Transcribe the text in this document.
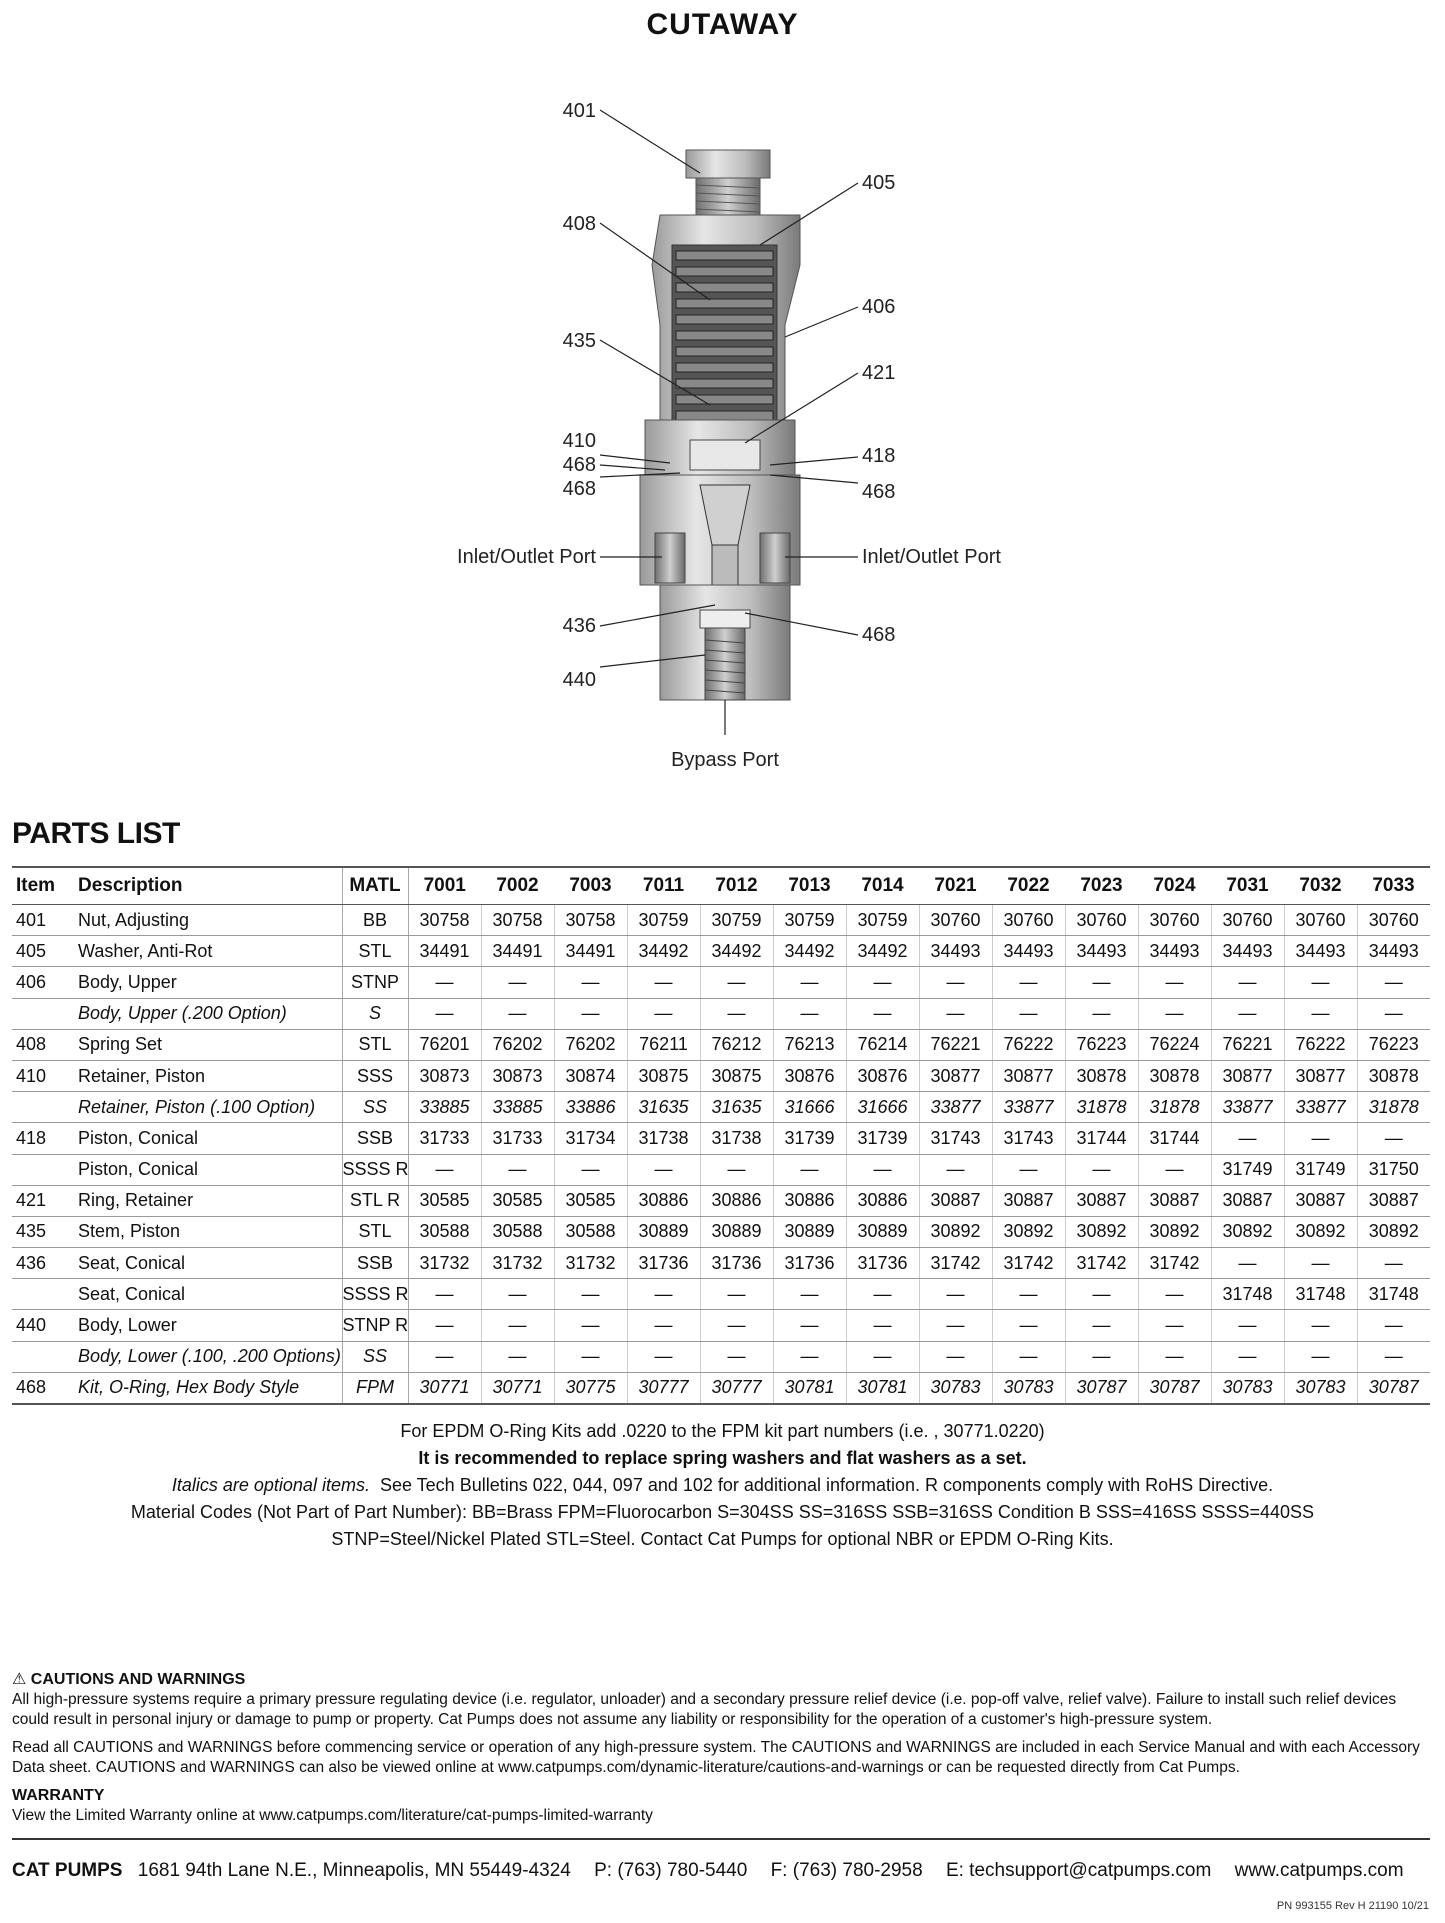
CUTAWAY
401
405
408
406
435
421
410
468
468
418
468
Inlet/Outlet Port	Inlet/Outlet Port
436	468
440
Bypass Port
PARTS LIST
Item	Description	MATL	7001	7002	7003	7011	7012	7013	7014	7021	7022	7023	7024	7031	7032	7033
401	Nut, Adjusting	BB	30758	30758	30758	30759	30759	30759	30759	30760	30760	30760	30760	30760	30760	30760
405	Washer, Anti-Rot	STL	34491	34491	34491	34492	34492	34492	34492	34493	34493	34493	34493	34493	34493	34493
406	Body, Upper	STNP	—	—	—	—	—	—	—	—	—	—	—	—	—	—
	Body, Upper (.200 Option)	S	—	—	—	—	—	—	—	—	—	—	—	—	—	—
408	Spring Set	STL	76201	76202	76202	76211	76212	76213	76214	76221	76222	76223	76224	76221	76222	76223
410	Retainer, Piston	SSS	30873	30873	30874	30875	30875	30876	30876	30877	30877	30878	30878	30877	30877	30878
	Retainer, Piston (.100 Option)	SS	33885	33885	33886	31635	31635	31666	31666	33877	33877	31878	31878	33877	33877	31878
418	Piston, Conical	SSB	31733	31733	31734	31738	31738	31739	31739	31743	31743	31744	31744	—	—	—
	Piston, Conical	SSSS R	—	—	—	—	—	—	—	—	—	—	—	31749	31749	31750
421	Ring, Retainer	STL R	30585	30585	30585	30886	30886	30886	30886	30887	30887	30887	30887	30887	30887	30887
435	Stem, Piston	STL	30588	30588	30588	30889	30889	30889	30889	30892	30892	30892	30892	30892	30892	30892
436	Seat, Conical	SSB	31732	31732	31732	31736	31736	31736	31736	31742	31742	31742	31742	—	—	—
	Seat, Conical	SSSS R	—	—	—	—	—	—	—	—	—	—	—	31748	31748	31748
440	Body, Lower	STNP R	—	—	—	—	—	—	—	—	—	—	—	—	—	—
	Body, Lower (.100, .200 Options)	SS	—	—	—	—	—	—	—	—	—	—	—	—	—	—
468	Kit, O-Ring, Hex Body Style	FPM	30771	30771	30775	30777	30777	30781	30781	30783	30783	30787	30787	30783	30783	30787
For EPDM O-Ring Kits add .0220 to the FPM kit part numbers (i.e. , 30771.0220)
It is recommended to replace spring washers and flat washers as a set.
Italics are optional items. See Tech Bulletins 022, 044, 097 and 102 for additional information. R components comply with RoHS Directive.
Material Codes (Not Part of Part Number): BB=Brass FPM=Fluorocarbon S=304SS SS=316SS SSB=316SS Condition B SSS=416SS SSSS=440SS
STNP=Steel/Nickel Plated STL=Steel. Contact Cat Pumps for optional NBR or EPDM O-Ring Kits.
⚠ CAUTIONS AND WARNINGS

All high-pressure systems require a primary pressure regulating device (i.e. regulator, unloader) and a secondary pressure relief device (i.e. pop-off valve, relief valve). Failure to install such relief devices could result in personal injury or damage to pump or property. Cat Pumps does not assume any liability or responsibility for the operation of a customer's high-pressure system.

Read all CAUTIONS and WARNINGS before commencing service or operation of any high-pressure system. The CAUTIONS and WARNINGS are included in each Service Manual and with each Accessory Data sheet. CAUTIONS and WARNINGS can also be viewed online at www.catpumps.com/dynamic-literature/cautions-and-warnings or can be requested directly from Cat Pumps.

WARRANTY
View the Limited Warranty online at www.catpumps.com/literature/cat-pumps-limited-warranty
CAT PUMPS 1681 94th Lane N.E., Minneapolis, MN 55449-4324 P: (763) 780-5440 F: (763) 780-2958 E: techsupport@catpumps.com www.catpumps.com
PN 993155 Rev H 21190 10/21
